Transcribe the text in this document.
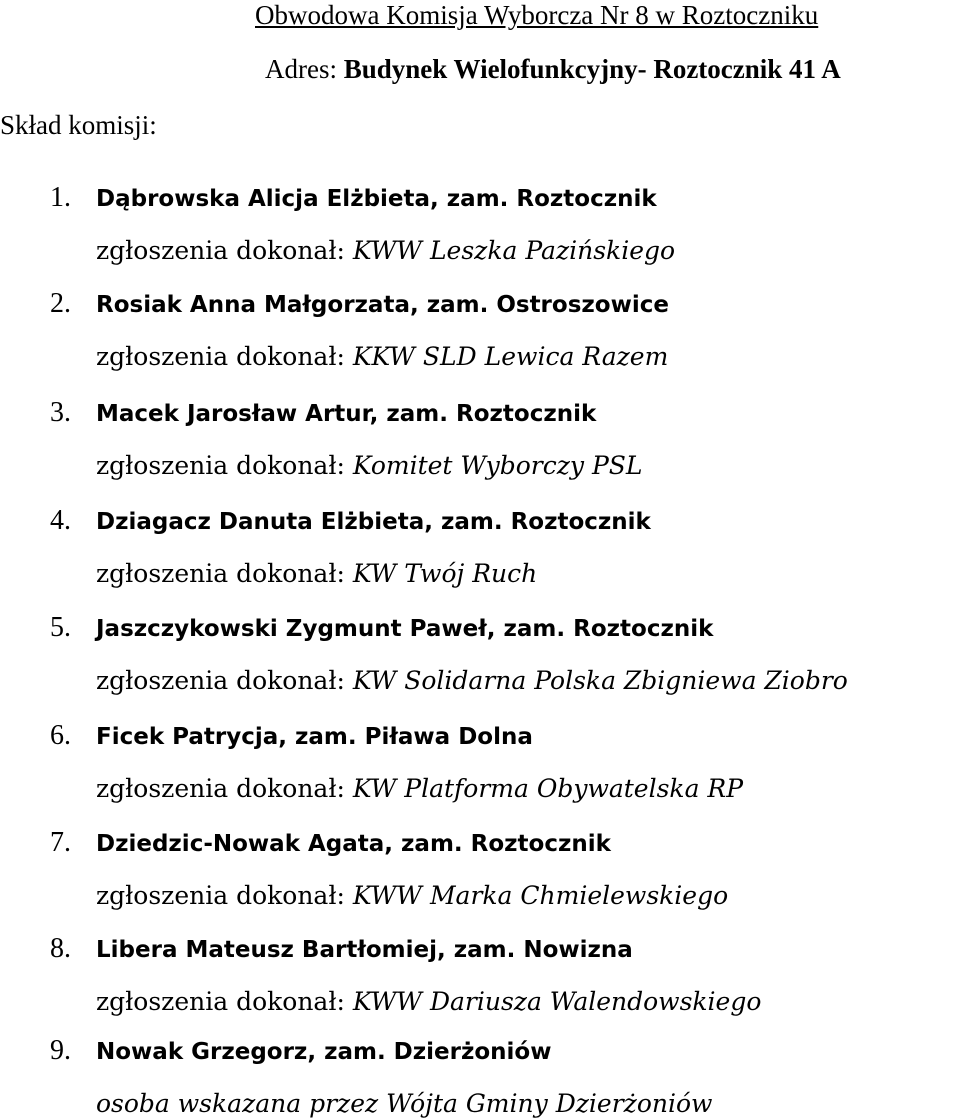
Obwodowa Komisja Wyborcza Nr 8 w Roztoczniku
Adres: Budynek Wielofunkcyjny- Roztocznik 41 A
Skład komisji:
1. Dąbrowska Alicja Elżbieta, zam. Roztocznik
zgłoszenia dokonał: KWW Leszka Pazińskiego
2. Rosiak Anna Małgorzata, zam. Ostroszowice
zgłoszenia dokonał: KKW SLD Lewica Razem
3. Macek Jarosław Artur, zam. Roztocznik
zgłoszenia dokonał: Komitet Wyborczy PSL
4. Dziagacz Danuta Elżbieta, zam. Roztocznik
zgłoszenia dokonał: KW Twój Ruch
5. Jaszczykowski Zygmunt Paweł, zam. Roztocznik
zgłoszenia dokonał: KW Solidarna Polska Zbigniewa Ziobro
6. Ficek Patrycja, zam. Piława Dolna
zgłoszenia dokonał: KW Platforma Obywatelska RP
7. Dziedzic-Nowak Agata, zam. Roztocznik
zgłoszenia dokonał: KWW Marka Chmielewskiego
8. Libera Mateusz Bartłomiej, zam. Nowizna
zgłoszenia dokonał: KWW Dariusza Walendowskiego
9. Nowak Grzegorz, zam. Dzierżoniów
osoba wskazana przez Wójta Gminy Dzierżoniów
